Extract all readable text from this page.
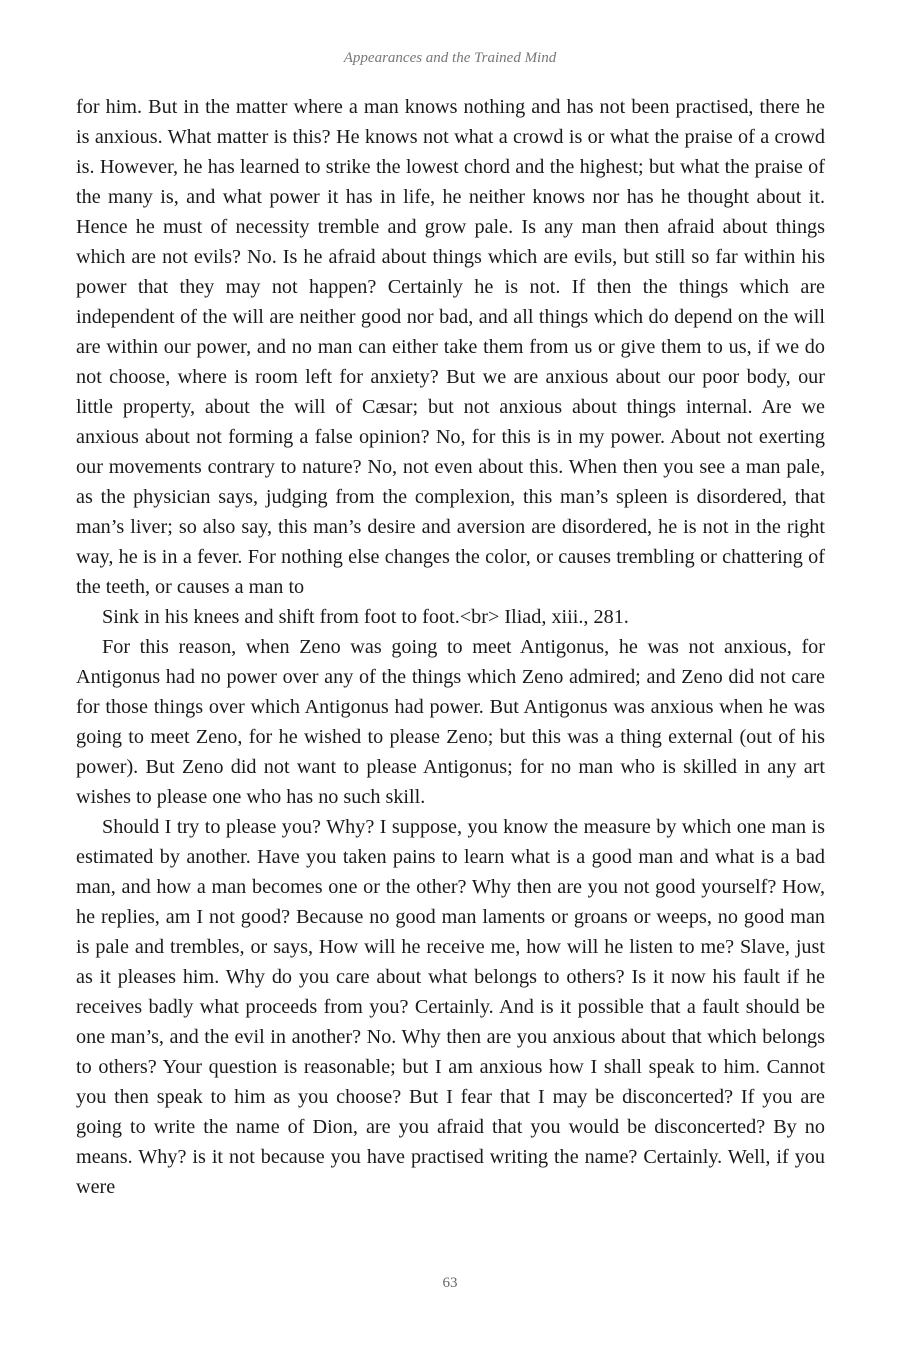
Appearances and the Trained Mind

for him. But in the matter where a man knows nothing and has not been practised, there he is anxious. What matter is this? He knows not what a crowd is or what the praise of a crowd is. However, he has learned to strike the lowest chord and the highest; but what the praise of the many is, and what power it has in life, he neither knows nor has he thought about it. Hence he must of necessity tremble and grow pale. Is any man then afraid about things which are not evils? No. Is he afraid about things which are evils, but still so far within his power that they may not happen? Certainly he is not. If then the things which are independent of the will are neither good nor bad, and all things which do depend on the will are within our power, and no man can either take them from us or give them to us, if we do not choose, where is room left for anxiety? But we are anxious about our poor body, our little property, about the will of Cæsar; but not anxious about things internal. Are we anxious about not forming a false opinion? No, for this is in my power. About not exerting our movements contrary to nature? No, not even about this. When then you see a man pale, as the physician says, judging from the complexion, this man’s spleen is disordered, that man’s liver; so also say, this man’s desire and aversion are disordered, he is not in the right way, he is in a fever. For nothing else changes the color, or causes trembling or chattering of the teeth, or causes a man to

Sink in his knees and shift from foot to foot.<br> Iliad, xiii., 281.

For this reason, when Zeno was going to meet Antigonus, he was not anxious, for Antigonus had no power over any of the things which Zeno admired; and Zeno did not care for those things over which Antigonus had power. But Antigonus was anxious when he was going to meet Zeno, for he wished to please Zeno; but this was a thing external (out of his power). But Zeno did not want to please Antigonus; for no man who is skilled in any art wishes to please one who has no such skill.

Should I try to please you? Why? I suppose, you know the measure by which one man is estimated by another. Have you taken pains to learn what is a good man and what is a bad man, and how a man becomes one or the other? Why then are you not good yourself? How, he replies, am I not good? Because no good man laments or groans or weeps, no good man is pale and trembles, or says, How will he receive me, how will he listen to me? Slave, just as it pleases him. Why do you care about what belongs to others? Is it now his fault if he receives badly what proceeds from you? Certainly. And is it possible that a fault should be one man’s, and the evil in another? No. Why then are you anxious about that which belongs to others? Your question is reasonable; but I am anxious how I shall speak to him. Cannot you then speak to him as you choose? But I fear that I may be disconcerted? If you are going to write the name of Dion, are you afraid that you would be disconcerted? By no means. Why? is it not because you have practised writing the name? Certainly. Well, if you were

63
